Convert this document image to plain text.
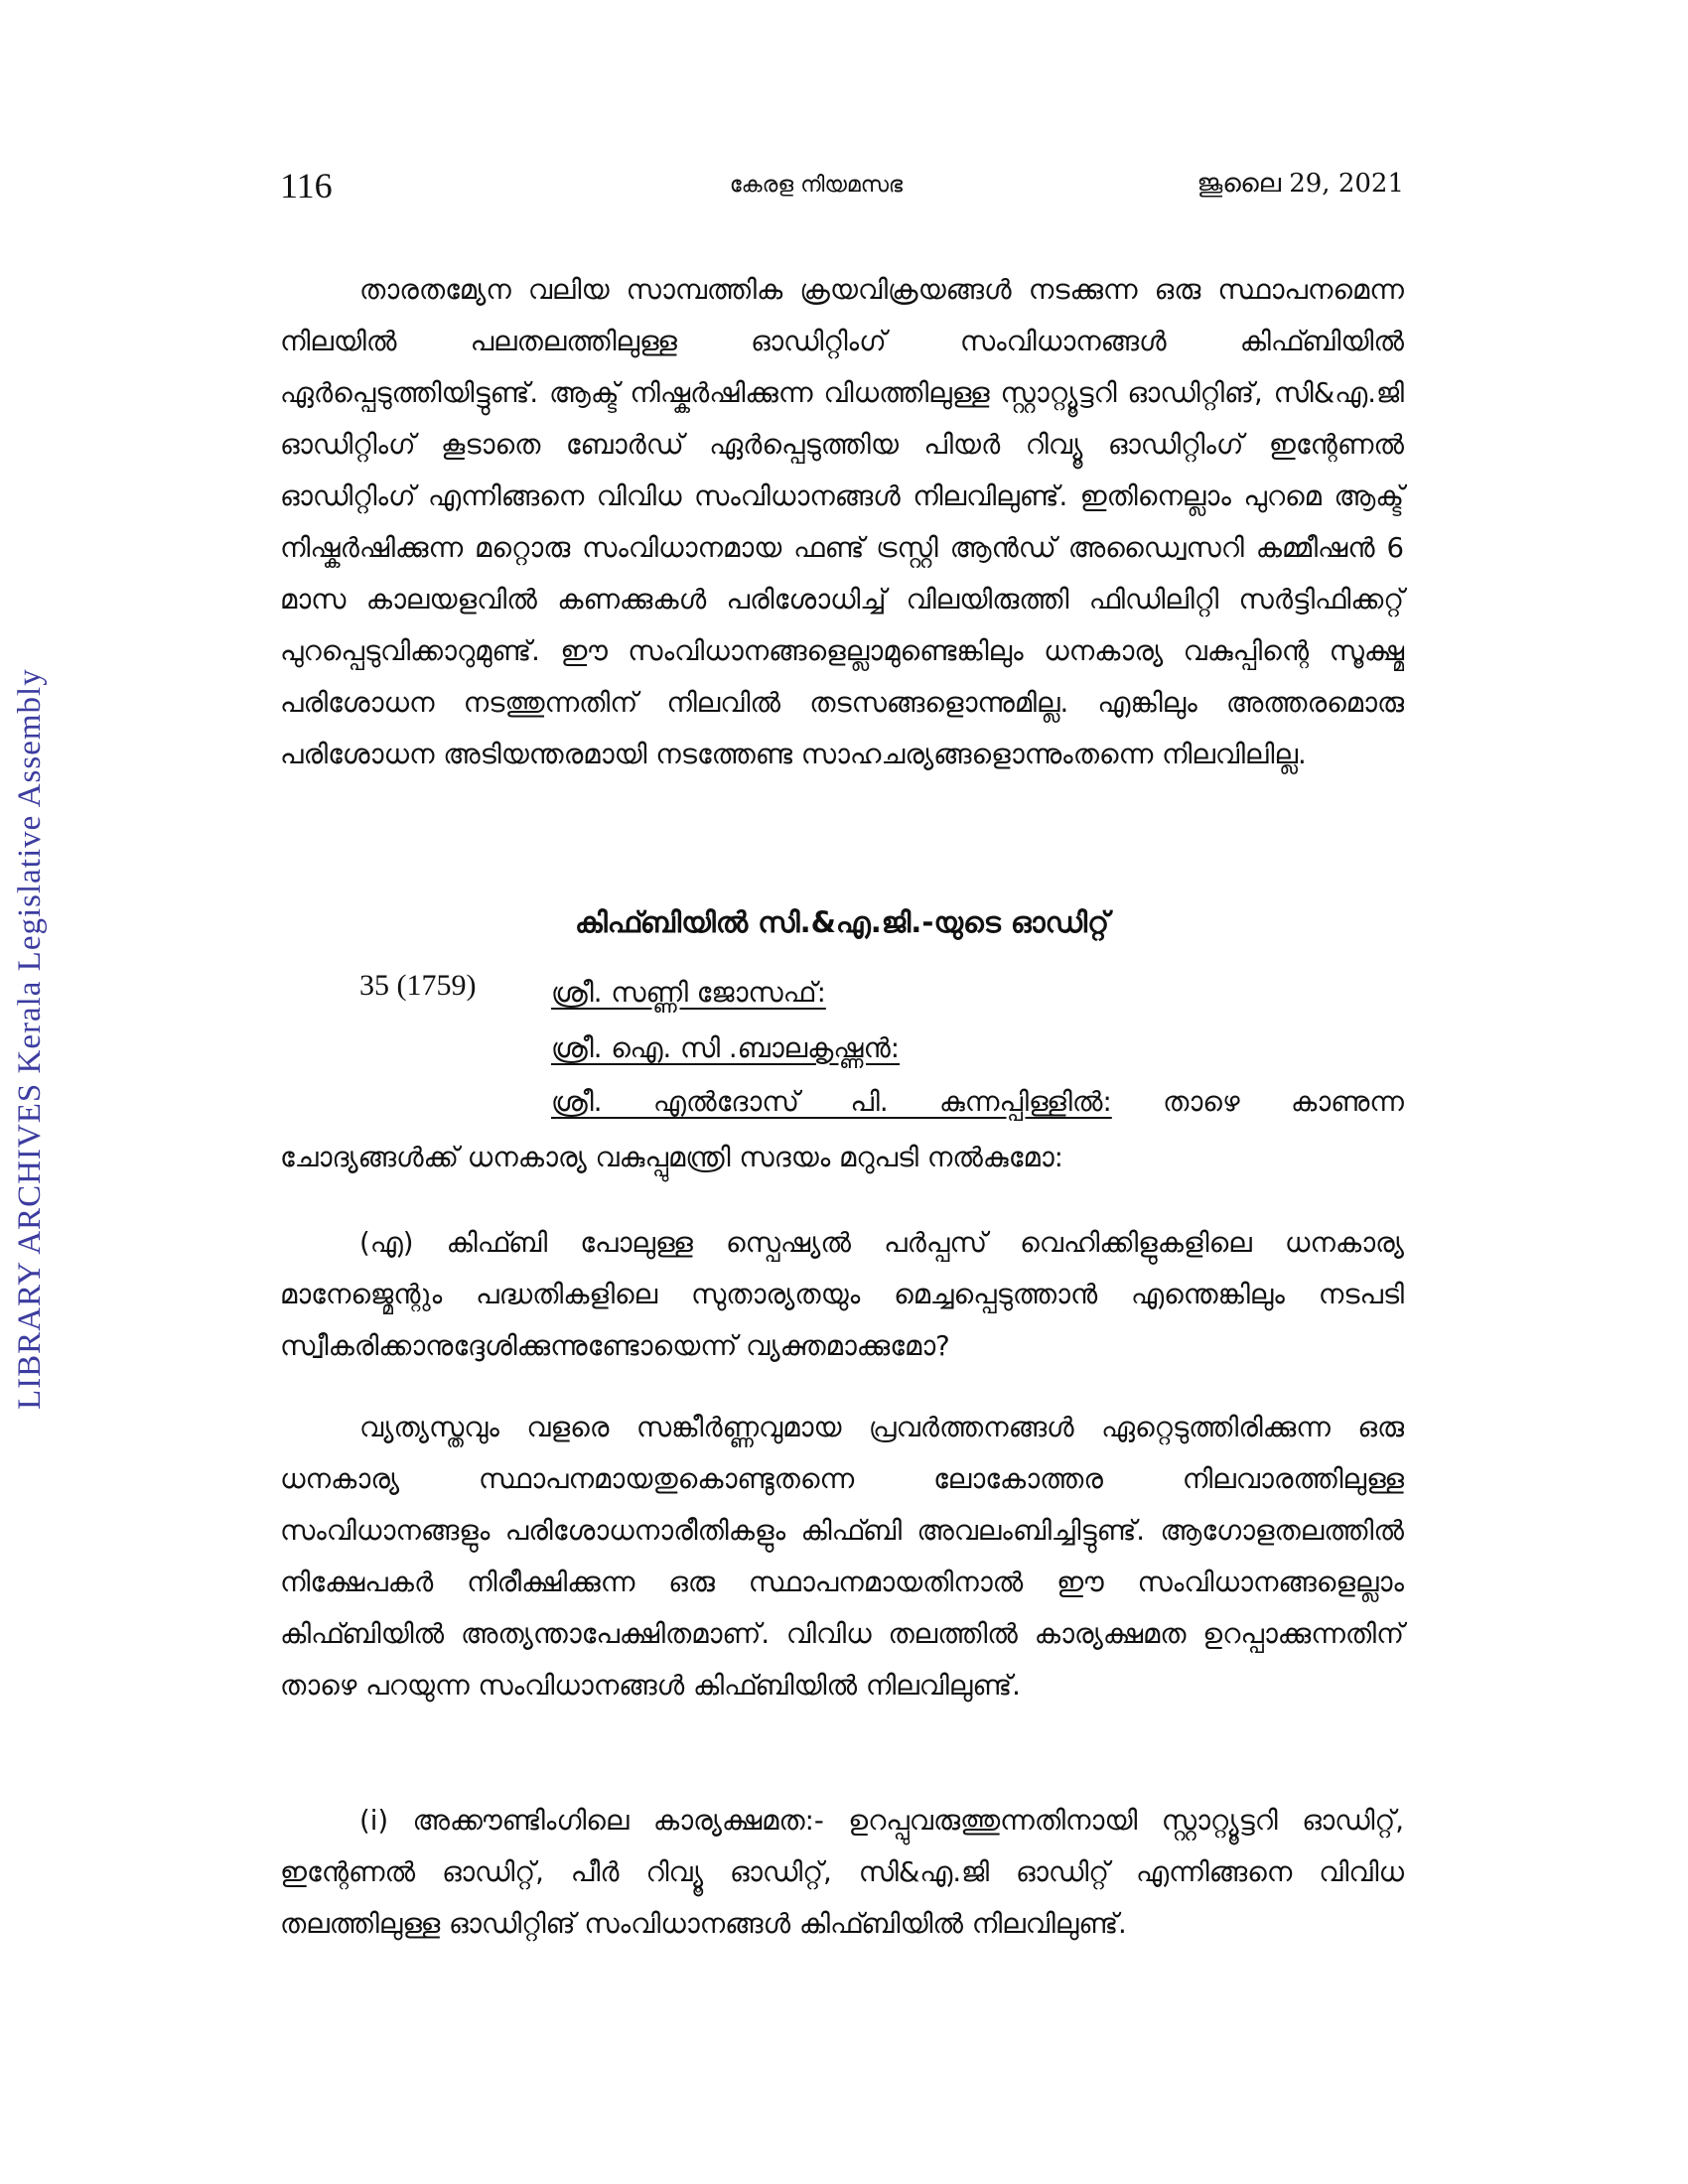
LIBRARY ARCHIVES Kerala Legislative Assembly
116	കേരള നിയമസഭ	ജൂലൈ 29, 2021

താരതമ്യേന വലിയ സാമ്പത്തിക ക്രയവിക്രയങ്ങൾ നടക്കുന്ന ഒരു സ്ഥാപനമെന്ന നിലയിൽ പലതലത്തിലുള്ള ഓഡിറ്റിംഗ് സംവിധാനങ്ങൾ കിഫ്ബിയിൽ ഏർപ്പെടുത്തിയിട്ടുണ്ട്. ആക്ട് നിഷ്കർഷിക്കുന്ന വിധത്തിലുള്ള സ്റ്റാറ്റ്യൂട്ടറി ഓഡിറ്റിങ്, സി&എ.ജി ഓഡിറ്റിംഗ് കൂടാതെ ബോർഡ് ഏർപ്പെടുത്തിയ പിയർ റിവ്യൂ ഓഡിറ്റിംഗ് ഇന്റേണൽ ഓഡിറ്റിംഗ് എന്നിങ്ങനെ വിവിധ സംവിധാനങ്ങൾ നിലവിലുണ്ട്. ഇതിനെല്ലാം പുറമെ ആക്ട് നിഷ്കർഷിക്കുന്ന മറ്റൊരു സംവിധാനമായ ഫണ്ട് ട്രസ്റ്റി ആൻഡ് അഡ്വൈസറി കമ്മീഷൻ 6 മാസ കാലയളവിൽ കണക്കുകൾ പരിശോധിച്ച് വിലയിരുത്തി ഫിഡിലിറ്റി സർട്ടിഫിക്കറ്റ് പുറപ്പെടുവിക്കാറുമുണ്ട്. ഈ സംവിധാനങ്ങളെല്ലാമുണ്ടെങ്കിലും ധനകാര്യ വകുപ്പിന്റെ സൂക്ഷ്മ പരിശോധന നടത്തുന്നതിന് നിലവിൽ തടസങ്ങളൊന്നുമില്ല. എങ്കിലും അത്തരമൊരു പരിശോധന അടിയന്തരമായി നടത്തേണ്ട സാഹചര്യങ്ങളൊന്നുംതന്നെ നിലവിലില്ല.

കിഫ്ബിയിൽ സി.&എ.ജി.-യുടെ ഓഡിറ്റ്
35 (1759)	ശ്രീ. സണ്ണി ജോസഫ്:
ശ്രീ. ഐ. സി .ബാലകൃഷ്ണൻ:
ശ്രീ. എൽദോസ് പി. കുന്നപ്പിള്ളിൽ: താഴെ കാണുന്ന
ചോദ്യങ്ങൾക്ക് ധനകാര്യ വകുപ്പുമന്ത്രി സദയം മറുപടി നൽകുമോ:

(എ) കിഫ്ബി പോലുള്ള സ്പെഷ്യൽ പർപ്പസ് വെഹിക്കിളുകളിലെ ധനകാര്യ മാനേജ്മെന്റും പദ്ധതികളിലെ സുതാര്യതയും മെച്ചപ്പെടുത്താൻ എന്തെങ്കിലും നടപടി സ്വീകരിക്കാനുദ്ദേശിക്കുന്നുണ്ടോയെന്ന് വ്യക്തമാക്കുമോ?

വ്യത്യസ്തവും വളരെ സങ്കീർണ്ണവുമായ പ്രവർത്തനങ്ങൾ ഏറ്റെടുത്തിരിക്കുന്ന ഒരു ധനകാര്യ സ്ഥാപനമായതുകൊണ്ടുതന്നെ ലോകോത്തര നിലവാരത്തിലുള്ള സംവിധാനങ്ങളും പരിശോധനാരീതികളും കിഫ്ബി അവലംബിച്ചിട്ടുണ്ട്. ആഗോളതലത്തിൽ നിക്ഷേപകർ നിരീക്ഷിക്കുന്ന ഒരു സ്ഥാപനമായതിനാൽ ഈ സംവിധാനങ്ങളെല്ലാം കിഫ്ബിയിൽ അത്യന്താപേക്ഷിതമാണ്. വിവിധ തലത്തിൽ കാര്യക്ഷമത ഉറപ്പാക്കുന്നതിന് താഴെ പറയുന്ന സംവിധാനങ്ങൾ കിഫ്ബിയിൽ നിലവിലുണ്ട്.

(i) അക്കൗണ്ടിംഗിലെ കാര്യക്ഷമത:- ഉറപ്പുവരുത്തുന്നതിനായി സ്റ്റാറ്റ്യൂട്ടറി ഓഡിറ്റ്, ഇന്റേണൽ ഓഡിറ്റ്, പീർ റിവ്യൂ ഓഡിറ്റ്, സി&എ.ജി ഓഡിറ്റ് എന്നിങ്ങനെ വിവിധ തലത്തിലുള്ള ഓഡിറ്റിങ് സംവിധാനങ്ങൾ കിഫ്ബിയിൽ നിലവിലുണ്ട്.
